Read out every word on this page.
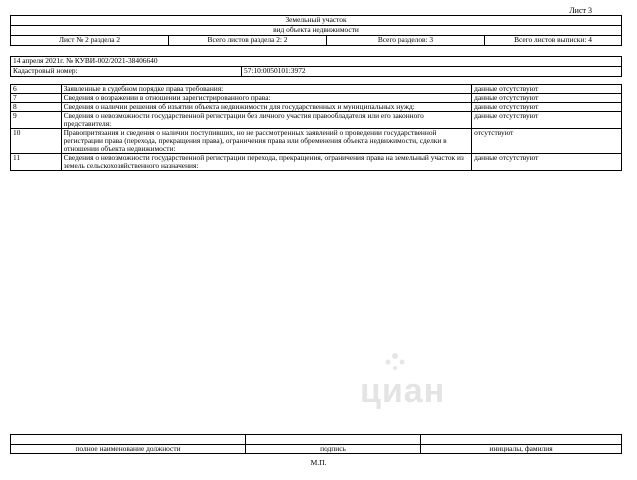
Лист 3
Земельный участок
вид объекта недвижимости
Лист № 2 раздела 2	Всего листов раздела 2: 2	Всего разделов: 3	Всего листов выписки: 4
14 апреля 2021г. № КУВИ-002/2021-38406640
Кадастровый номер:	57:10:0050101:3972
6	Заявленные в судебном порядке права требования:	данные отсутствуют
7	Сведения о возражении в отношении зарегистрированного права:	данные отсутствуют
8	Сведения о наличии решения об изъятии объекта недвижимости для государственных и муниципальных нужд:	данные отсутствуют
9	Сведения о невозможности государственной регистрации без личного участия правообладателя или его законного представителя:	данные отсутствуют
10	Правопритязания и сведения о наличии поступивших, но не рассмотренных заявлений о проведении государственной регистрации права (перехода, прекращения права), ограничения права или обременения объекта недвижимости, сделки в отношении объекта недвижимости:	отсутствуют
11	Сведения о невозможности государственной регистрации перехода, прекращения, ограничения права на земельный участок из земель сельскохозяйственного назначения:	данные отсутствуют
циан

полное наименование должности	подпись	инициалы, фамилия
М.П.
